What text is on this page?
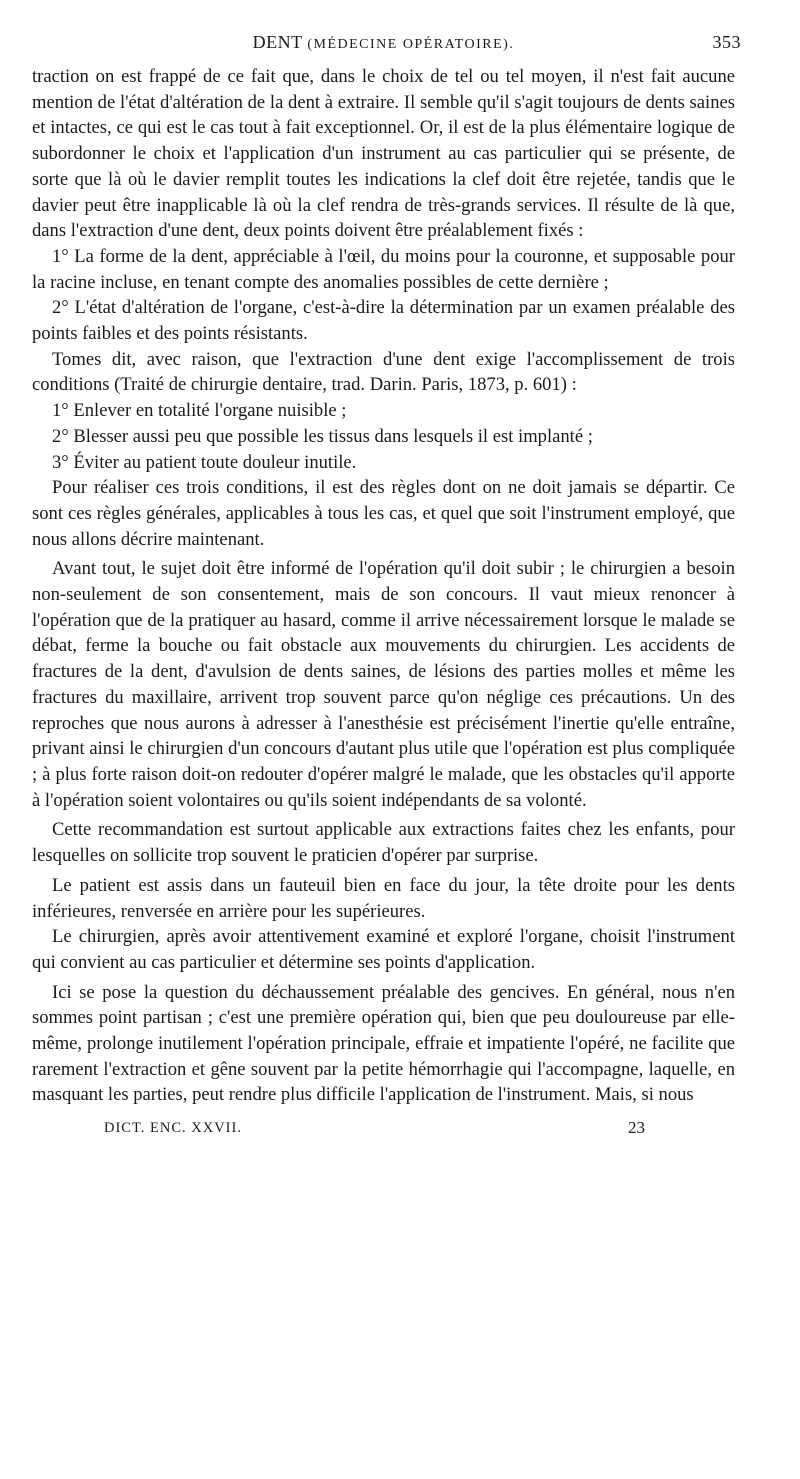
DENT (MÉDECINE OPÉRATOIRE).	353

traction on est frappé de ce fait que, dans le choix de tel ou tel moyen, il n'est fait aucune mention de l'état d'altération de la dent à extraire. Il semble qu'il s'agit toujours de dents saines et intactes, ce qui est le cas tout à fait exceptionnel. Or, il est de la plus élémentaire logique de subordonner le choix et l'application d'un instrument au cas particulier qui se présente, de sorte que là où le davier remplit toutes les indications la clef doit être rejetée, tandis que le davier peut être inapplicable là où la clef rendra de très-grands services. Il résulte de là que, dans l'extraction d'une dent, deux points doivent être préalablement fixés :

1° La forme de la dent, appréciable à l'œil, du moins pour la couronne, et supposable pour la racine incluse, en tenant compte des anomalies possibles de cette dernière ;

2° L'état d'altération de l'organe, c'est-à-dire la détermination par un examen préalable des points faibles et des points résistants.

Tomes dit, avec raison, que l'extraction d'une dent exige l'accomplissement de trois conditions (Traité de chirurgie dentaire, trad. Darin. Paris, 1873, p. 601) :

1° Enlever en totalité l'organe nuisible ;

2° Blesser aussi peu que possible les tissus dans lesquels il est implanté ;

3° Éviter au patient toute douleur inutile.

Pour réaliser ces trois conditions, il est des règles dont on ne doit jamais se départir. Ce sont ces règles générales, applicables à tous les cas, et quel que soit l'instrument employé, que nous allons décrire maintenant.

Avant tout, le sujet doit être informé de l'opération qu'il doit subir ; le chirurgien a besoin non-seulement de son consentement, mais de son concours. Il vaut mieux renoncer à l'opération que de la pratiquer au hasard, comme il arrive nécessairement lorsque le malade se débat, ferme la bouche ou fait obstacle aux mouvements du chirurgien. Les accidents de fractures de la dent, d'avulsion de dents saines, de lésions des parties molles et même les fractures du maxillaire, arrivent trop souvent parce qu'on néglige ces précautions. Un des reproches que nous aurons à adresser à l'anesthésie est précisément l'inertie qu'elle entraîne, privant ainsi le chirurgien d'un concours d'autant plus utile que l'opération est plus compliquée ; à plus forte raison doit-on redouter d'opérer malgré le malade, que les obstacles qu'il apporte à l'opération soient volontaires ou qu'ils soient indépendants de sa volonté.

Cette recommandation est surtout applicable aux extractions faites chez les enfants, pour lesquelles on sollicite trop souvent le praticien d'opérer par surprise.

Le patient est assis dans un fauteuil bien en face du jour, la tête droite pour les dents inférieures, renversée en arrière pour les supérieures.

Le chirurgien, après avoir attentivement examiné et exploré l'organe, choisit l'instrument qui convient au cas particulier et détermine ses points d'application.

Ici se pose la question du déchaussement préalable des gencives. En général, nous n'en sommes point partisan ; c'est une première opération qui, bien que peu douloureuse par elle-même, prolonge inutilement l'opération principale, effraie et impatiente l'opéré, ne facilite que rarement l'extraction et gêne souvent par la petite hémorrhagie qui l'accompagne, laquelle, en masquant les parties, peut rendre plus difficile l'application de l'instrument. Mais, si nous

DICT. ENC. XXVII.	23
